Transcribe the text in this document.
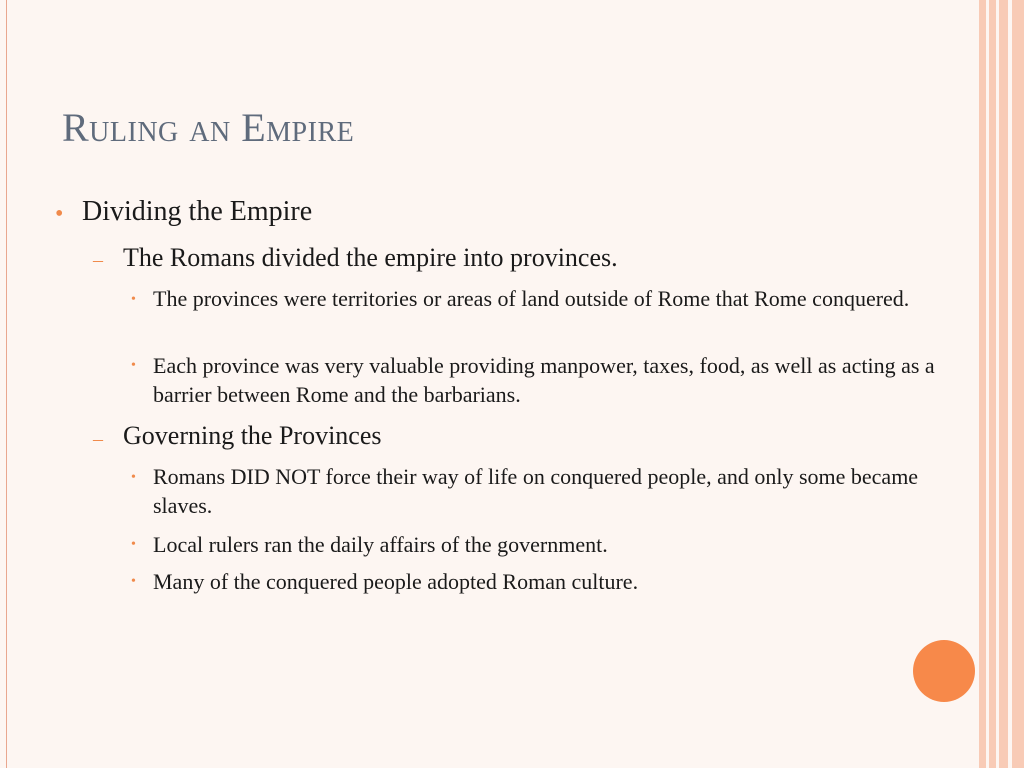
Ruling an Empire
• Dividing the Empire
– The Romans divided the empire into provinces.
• The provinces were territories or areas of land outside of Rome that Rome conquered.
• Each province was very valuable providing manpower, taxes, food, as well as acting as a barrier between Rome and the barbarians.
– Governing the Provinces
• Romans DID NOT force their way of life on conquered people, and only some became slaves.
• Local rulers ran the daily affairs of the government.
• Many of the conquered people adopted Roman culture.
